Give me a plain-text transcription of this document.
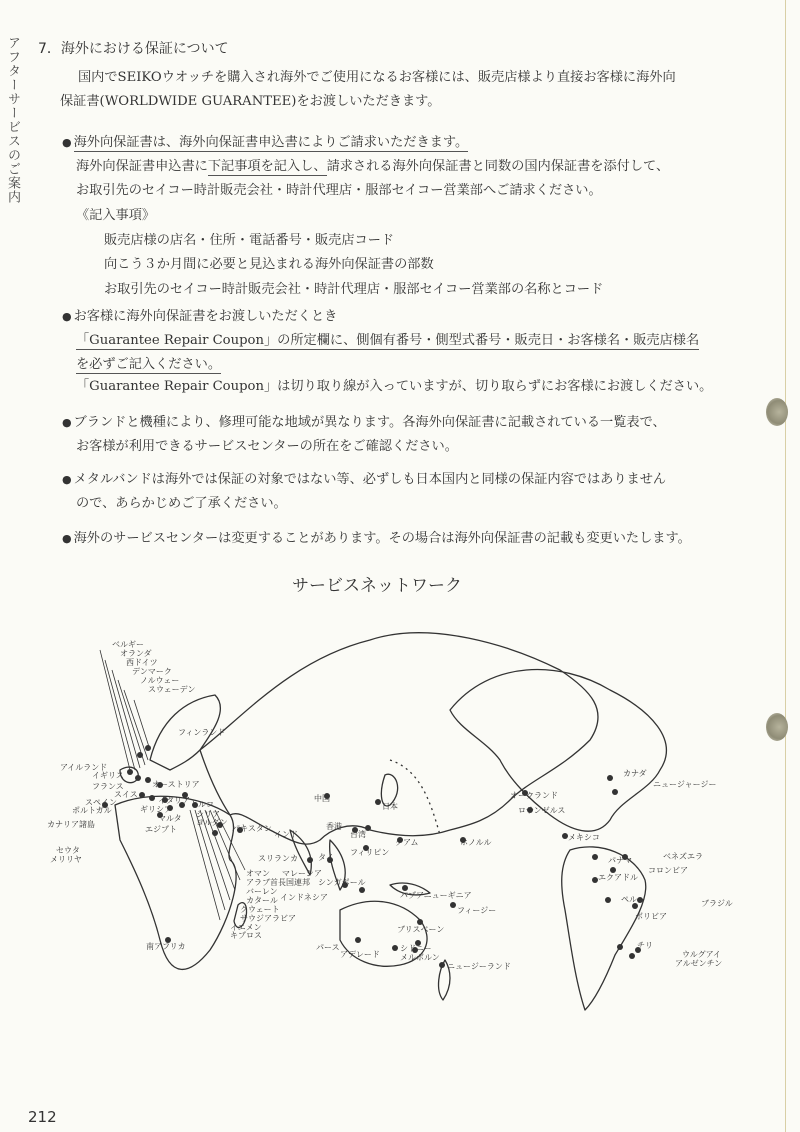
アフターサービスのご案内 7．海外における保証について
国内でSEIKOウオッチを購入され海外でご使用になるお客様には、販売店様より直接お客様に海外向
保証書(WORLDWIDE GUARANTEE)をお渡しいただきます。
● 海外向保証書は、海外向保証書申込書によりご請求いただきます。
海外向保証書申込書に下記事項を記入し、請求される海外向保証書と同数の国内保証書を添付して、
お取引先のセイコー時計販売会社・時計代理店・服部セイコー営業部へご請求ください。
《記入事項》
販売店様の店名・住所・電話番号・販売店コード
向こう３か月間に必要と見込まれる海外向保証書の部数
お取引先のセイコー時計販売会社・時計代理店・服部セイコー営業部の名称とコード
● お客様に海外向保証書をお渡しいただくとき
「Guarantee Repair Coupon」の所定欄に、側個有番号・側型式番号・販売日・お客様名・販売店様名
を必ずご記入ください。
「Guarantee Repair Coupon」は切り取り線が入っていますが、切り取らずにお客様にお渡しください。
● ブランドと機種により、修理可能な地域が異なります。各海外向保証書に記載されている一覧表で、
お客様が利用できるサービスセンターの所在をご確認ください。
● メタルバンドは海外では保証の対象ではない等、必ずしも日本国内と同様の保証内容ではありません
ので、あらかじめご了承ください。
● 海外のサービスセンターは変更することがあります。その場合は海外向保証書の記載も変更いたします。
サービスネットワーク
ベルギー
オランダ
西ドイツ
デンマーク
ノルウェー
スウェーデン
フィンランド
アイルランド
イギリス
フランス	オーストリア
スイス
スペイン
ポルトガル
イタリア
ギリシア
マルタ
トルコ
シリア
ヨルダン
エジプト
カナリア諸島
セウタ
メリリヤ
パキスタン
インド
スリランカ
オマン
アラブ首長国連邦
バーレン
カタール
クウェート
サウジアラビア
イエメン
キプロス
南アフリカ
中国
日本
香港
台湾
タイ
マレーシア
シンガポール
インドネシア
フィリピン
グアム	ホノルル
パプアニューギニア
フィージー
ブリスベーン
シドニー
メルボルン
アデレード
パース
ニュージーランド
オークランド
ロサンゼルス
メキシコ
カナダ
ニュージャージー
パナマ	ベネズエラ
コロンビア
エクアドル
ペルー
ボリビア
ブラジル
チリ
ウルグアイ
アルゼンチン
212
